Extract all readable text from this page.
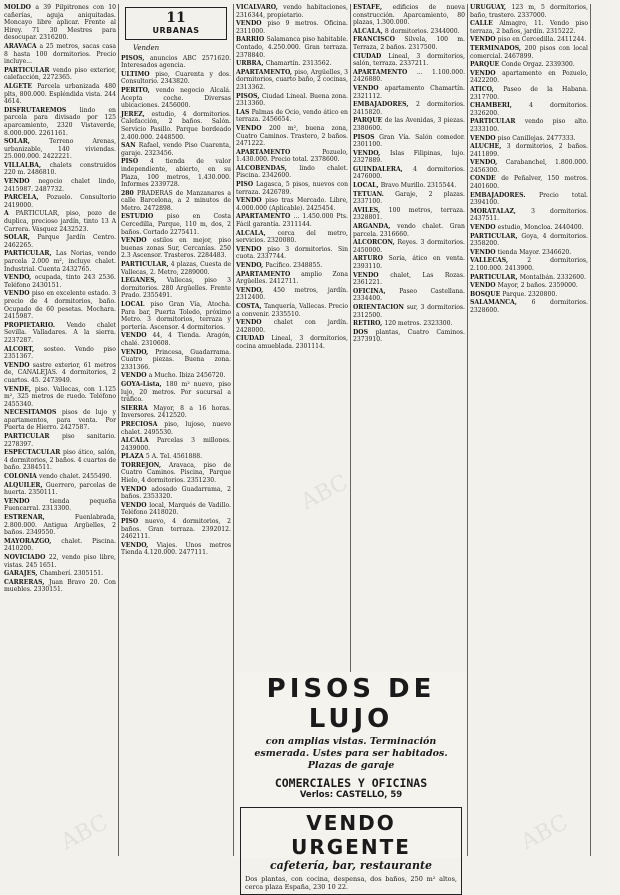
MOLDO a 39 Pilpitrones con 10 cañerías, aguja aniquitadas. Moncayo libre aplicar. Frente al Hirey. 71 30 Mestres para desocupar. 2316200.

ARAVACA a 25 metros, sacas casa 8 hasta 100 dormitorios. Precio incluye...

PARTICULAR vendo piso exterior, calefacción, 2272365.

ALGETE Parcela urbanizada 480 plts, 800.000. Espléndida vista. 244 4614.

DISFRUTAREMOS lindo en parcela para divisado por 125 aparcamiento, 2320 Vistaverde, 8.000.000. 2261161.

SOLAR, Terreno Arenas, urbanizable, 140 viviendas. 25.000.000. 2422221.

VILLALBA, chalets construidos 220 m. 2486810.

VENDO negocio chalet lindo, 2415987. 2487732.

PARCELA, Pozuelo. Consultorio 2419000.

A PARTICULAR, piso, pozo de duplica, precioso jardín, tinto 13 A Carrera. Vásquez 2432523.

SOLAR, Parque Jardín Centro. 2462265.

PARTICULAR, Las Norias, vendo parcela 2.000 m², incluye chalet. Industrial. Cuenta 2432765.

VENDO, ocupada, tinto 243 2536. Teléfono 2430151.

VENDO piso en excelente estado. 3 precio de 4 dormitorios, baño. Ocupado de 60 pesetas. Mochara. 2415987.

PROPIETARIO. Vendo chalet Sevilla. Valladares. A la sierra. 2237287.

ALCORT, sosteo. Vendo piso 2351367.

VENDO sastre exterior, 61 metros de, CANALEJAS. 4 dormitorios, 2 cuartos. 45. 2473949.

VENDE, piso. Vallecas, con 1.125 m², 325 metros de ruedo. Teléfono 2455340.

NECESITAMOS pisos de lujo y apartamentos, para venta. Por Puerta de Hierro. 2427587.

PARTICULAR piso sanitario. 2278397.

ESPECTACULAR piso ático, salón, 4 dormitorios, 2 baños. 4 cuartos de baño. 2384511.

COLONIA vendo chalet. 2455490.

ALQUILER, Guerrero, parcelas de huerta. 2350111.

VENDO tienda pequeña Fuencarral. 2313300.

ESTRENAR, Fuenlabrada, 2.800.000. Antigua Argüelles, 2 baños. 2349550.

MAYORAZGO, chalet. Piscina. 2410200.

NOVICIADO 22, vendo piso libre, vistas. 245 1651.

GARAJES, Chamberí. 2305151.

CARRERAS, Juan Bravo 20. Con muebles. 2330151.

11
URBANAS
Venden

PISOS, anuncios ABC 2571620. Interesados agencia.

ULTIMO piso, Cuarenta y dos. Consultorio. 2343820.

PERITO, vendo negocio Alcalá. Acepta coche. Diversas ubicaciones. 2456000.

JEREZ, estudio, 4 dormitorios. Calefacción, 2 baños. Salón. Servicio Pasillo. Parque bordeado 2.400.000. 2448500.

SAN Rafael, vendo Piso Cuarenta, garaje. 2323456.

PISO 4 tienda de valor independiente, abierto, en su Plaza, 100 metros, 1.430.000. Informes 2339728.

280 PRADERAS de Manzanares a calle Barcelona, a 2 minutos de Metro. 2472898.

ESTUDIO piso en Costa Cercedilla, Parque, 110 m, dos, 2 baños. Cortado 2275411.

VENDO estilos en mejor, piso buenas zonas Sur, Cercanías. 250 2.3 Ascensor. Trasteros. 2284483.

PARTICULAR, 4 plazas, Cuesta de Vallecas, 2. Metro, 2289000.

LEGANES, Vallecas, piso 3 dormitorios. 280 Argüelles. Frente Prado. 2355491.

LOCAL piso Gran Vía, Atocha. Para bar, Puerta Toledo, próximo Metro. 3 dormitorios, terraza y portería. Ascensor. 4 dormitorios.

VENDO 44, 4 Tienda. Aragón, chalé. 2310608.

VENDO, Princesa, Guadarrama. Cuatro piezas. Buena zona. 2331366.

VENDO a Mucho. Ibiza 2456720.

GOYA-Lista, 180 m² nuevo, piso lujo, 20 metros. Por sucursal a tráfico.

SIERRA Mayor, 8 a 16 horas. Inversores. 2412520.

PRECIOSA piso, lujoso, nuevo chalet. 2495530.

ALCALA Parcelas 3 millones. 2439000.

PLAZA 5 A. Tel. 4561888.

TORREJON, Aravaca, piso de Cuatro Caminos. Piscina, Parque Hielo, 4 dormitorios. 2351230.

VENDO adosado Guadarrama, 2 baños. 2353320.

VENDO local, Marqués de Vadillo. Teléfono 2418020.

PISO nuevo, 4 dormitorios, 2 baños. Gran terraza. 2392012. 2462111.

VENDO, Viajes. Unos metros Tienda 4.120.000. 2477111.

VICALVARO, vendo habitaciones, 2316344, propietario.

VENDO piso 9 metros. Oficina. 2311000.

BARRIO Salamanca piso habitable. Contado, 4.250.000. Gran terraza. 2378840.

URBRA, Chamartín. 2313562.

APARTAMENTO, piso, Argüelles, 3 dormitorios, cuarto baño, 2 cocinas, 2313362.

PISOS, Ciudad Lineal. Buena zona. 2313360.

LAS Palmas de Ocio, vendo ático en terraza. 2456654.

VENDO 200 m², buena zona, Cuatro Caminos. Trastero, 2 baños. 2471222.

APARTAMENTO Pozuelo, 1.430.000. Precio total. 2378600.

ALCOBENDAS, lindo chalet. Piscina. 2342600.

PISO Lagasca, 5 pisos, nuevos con terraza. 2426789.

VENDO piso tras Mercado. Libre, 4.000.000 (Aplicable). 2425454.

APARTAMENTO ... 1.450.000 Pts. Fácil garantía. 2311144.

ALCALA, cerca del metro, servicios. 2320080.

VENDO piso 3 dormitorios. Sin cuota. 2337744.

VENDO, Pacífico. 2348855.

APARTAMENTO amplio Zona Argüelles. 2412711.

VENDO, 450 metros, jardín. 2312400.

COSTA, Tanquería, Vallecas. Precio a convenir. 2335510.

VENDO chalet con jardín. 2428000.

CIUDAD Lineal, 3 dormitorios, cocina amueblada. 2301114.

ESTAFE, edificios de nueva construcción. Aparcamiento, 80 plazas, 1.300.000.

ALCALA, 8 dormitorios. 2344000.

FRANCISCO Silvela, 100 m. Terraza, 2 baños. 2317500.

CIUDAD Lineal, 3 dormitorios, salón, terraza. 2337211.

APARTAMENTO ... 1.100.000. 2426880.

VENDO apartamento Chamartín. 2321112.

EMBAJADORES, 2 dormitorios. 2415820.

PARQUE de las Avenidas, 3 piezas. 2380600.

PISOS Gran Vía. Salón comedor. 2301100.

VENDO, Islas Filipinas, lujo. 2327889.

GUINDALERA, 4 dormitorios. 2476000.

LOCAL, Bravo Murillo. 2315544.

TETUAN. Garaje, 2 plazas. 2337100.

AVILES, 100 metros, terraza. 2328801.

ARGANDA, vendo chalet. Gran parcela. 2316660.

ALCORCON, Reyes. 3 dormitorios. 2450000.

ARTURO Soria, ático en venta. 2393110.

VENDO chalet, Las Rozas. 2361221.

OFICINA, Paseo Castellana. 2334400.

ORIENTACION sur, 3 dormitorios. 2312500.

RETIRO, 120 metros. 2323300.

DOS plantas, Cuatro Caminos. 2373910.

URUGUAY, 123 m, 5 dormitorios, baño, trastero. 2337000.

CALLE Almagro, 11. Vendo piso terraza, 2 baños, jardín. 2315222.

VENDO piso en Cercedilla. 2411244.

TERMINADOS, 200 pisos con local comercial. 2467899.

PARQUE Conde Orgaz. 2339300.

VENDO apartamento en Pozuelo, 2422200.

ATICO, Paseo de la Habana. 2317700.

CHAMBERI, 4 dormitorios. 2326200.

PARTICULAR vendo piso alto. 2333100.

VENDO piso Canillejas. 2477333.

ALUCHE, 3 dormitorios, 2 baños. 2411899.

VENDO, Carabanchel, 1.800.000. 2456300.

CONDE de Peñalver, 150 metros. 2401600.

EMBAJADORES. Precio total. 2394100.

MORATALAZ, 3 dormitorios. 2437511.

VENDO estudio, Moncloa. 2440400.

PARTICULAR, Goya, 4 dormitorios. 2358200.

VENDO tienda Mayor. 2346620.

VALLECAS, 2 dormitorios, 2.100.000. 2413900.

PARTICULAR, Montalbán. 2332600.

VENDO Mayor, 2 baños. 2359000.

BOSQUE Parque. 2320800.

SALAMANCA, 6 dormitorios. 2328600.

PISOS DE LUJO
con amplias vistas. Terminación esmerada. Ustes para ser habitados. Plazas de garaje
COMERCIALES Y OFICINAS
Verlos: CASTELLO, 59
VENDO URGENTE
cafetería, bar, restaurante
Dos plantas, con cocina, despensa, dos baños, 250 m² altos, cerca plaza España, 230 10 22.
ABC
ABC
ABC
